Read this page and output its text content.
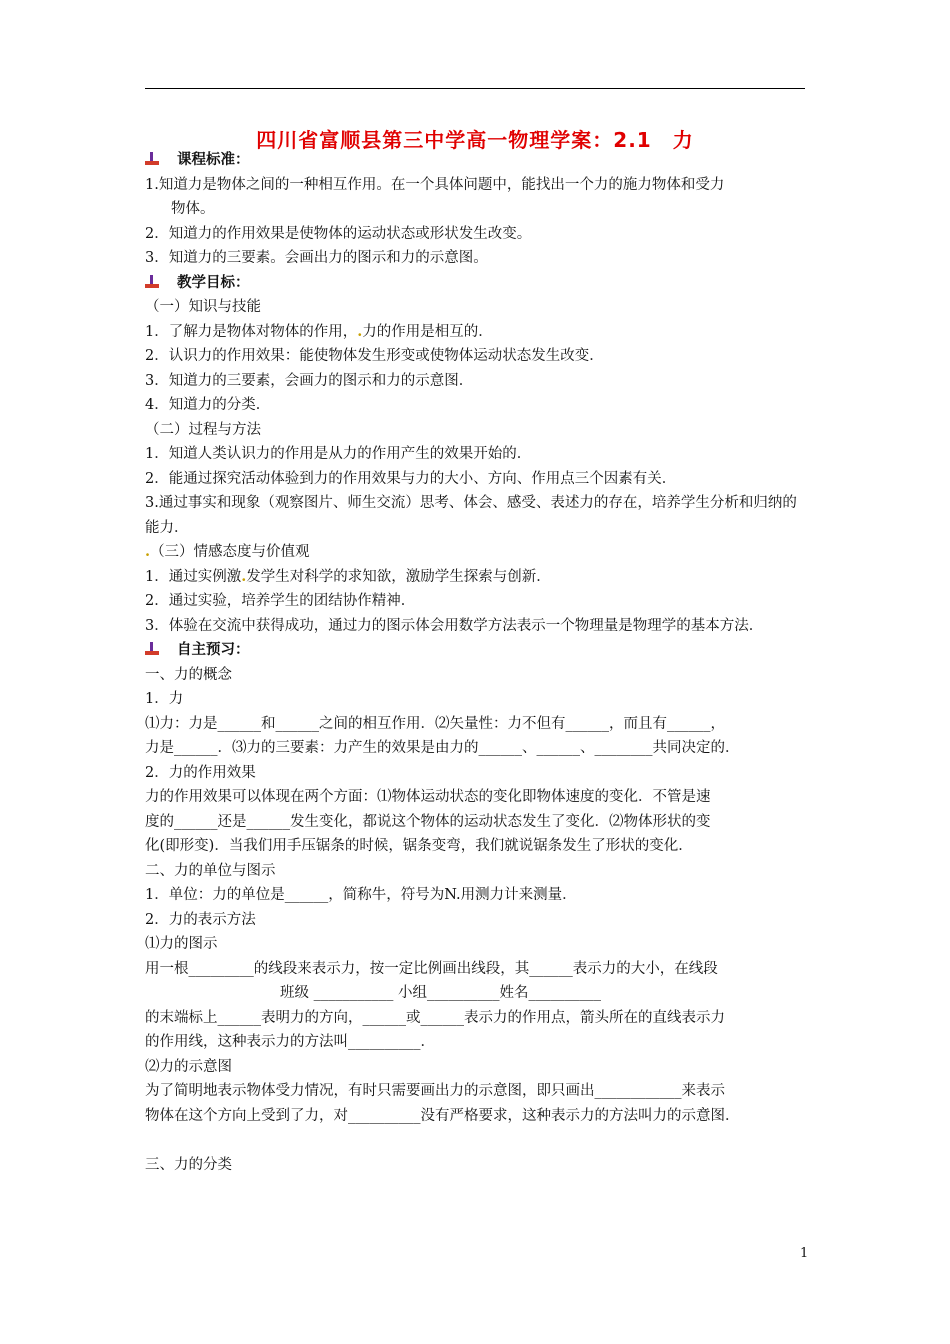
四川省富顺县第三中学高一物理学案：2.1　力
课程标准：
1.知道力是物体之间的一种相互作用。在一个具体问题中，能找出一个力的施力物体和受力
物体。
2．知道力的作用效果是使物体的运动状态或形状发生改变。
3．知道力的三要素。会画出力的图示和力的示意图。
教学目标：
（一）知识与技能
1．了解力是物体对物体的作用，.力的作用是相互的．
2．认识力的作用效果：能使物体发生形变或使物体运动状态发生改变．
3．知道力的三要素，会画力的图示和力的示意图．
4．知道力的分类．
（二）过程与方法
1．知道人类认识力的作用是从力的作用产生的效果开始的．
2．能通过探究活动体验到力的作用效果与力的大小、方向、作用点三个因素有关．
3.通过事实和现象（观察图片、师生交流）思考、体会、感受、表述力的存在，培养学生分析和归纳的能力．
.（三）情感态度与价值观
1．通过实例激.发学生对科学的求知欲，激励学生探索与创新．
2．通过实验，培养学生的团结协作精神．
3．体验在交流中获得成功，通过力的图示体会用数学方法表示一个物理量是物理学的基本方法．
自主预习：
一、力的概念
1．力
⑴力：力是______和______之间的相互作用．⑵矢量性：力不但有______，而且有______，
力是______．⑶力的三要素：力产生的效果是由力的______、______、________共同决定的．
2．力的作用效果
力的作用效果可以体现在两个方面：⑴物体运动状态的变化即物体速度的变化．不管是速
度的______还是______发生变化，都说这个物体的运动状态发生了变化．⑵物体形状的变
化(即形变)．当我们用手压锯条的时候，锯条变弯，我们就说锯条发生了形状的变化．
二、力的单位与图示
1．单位：力的单位是______，简称牛，符号为N.用测力计来测量．
2．力的表示方法
⑴力的图示
用一根_________的线段来表示力，按一定比例画出线段，其______表示力的大小，在线段
班级 ___________ 小组__________姓名__________
的末端标上______表明力的方向，______或______表示力的作用点，箭头所在的直线表示力
的作用线，这种表示力的方法叫__________．
⑵力的示意图
为了简明地表示物体受力情况，有时只需要画出力的示意图，即只画出____________来表示
物体在这个方向上受到了力，对__________没有严格要求，这种表示力的方法叫力的示意图．
三、力的分类
1
